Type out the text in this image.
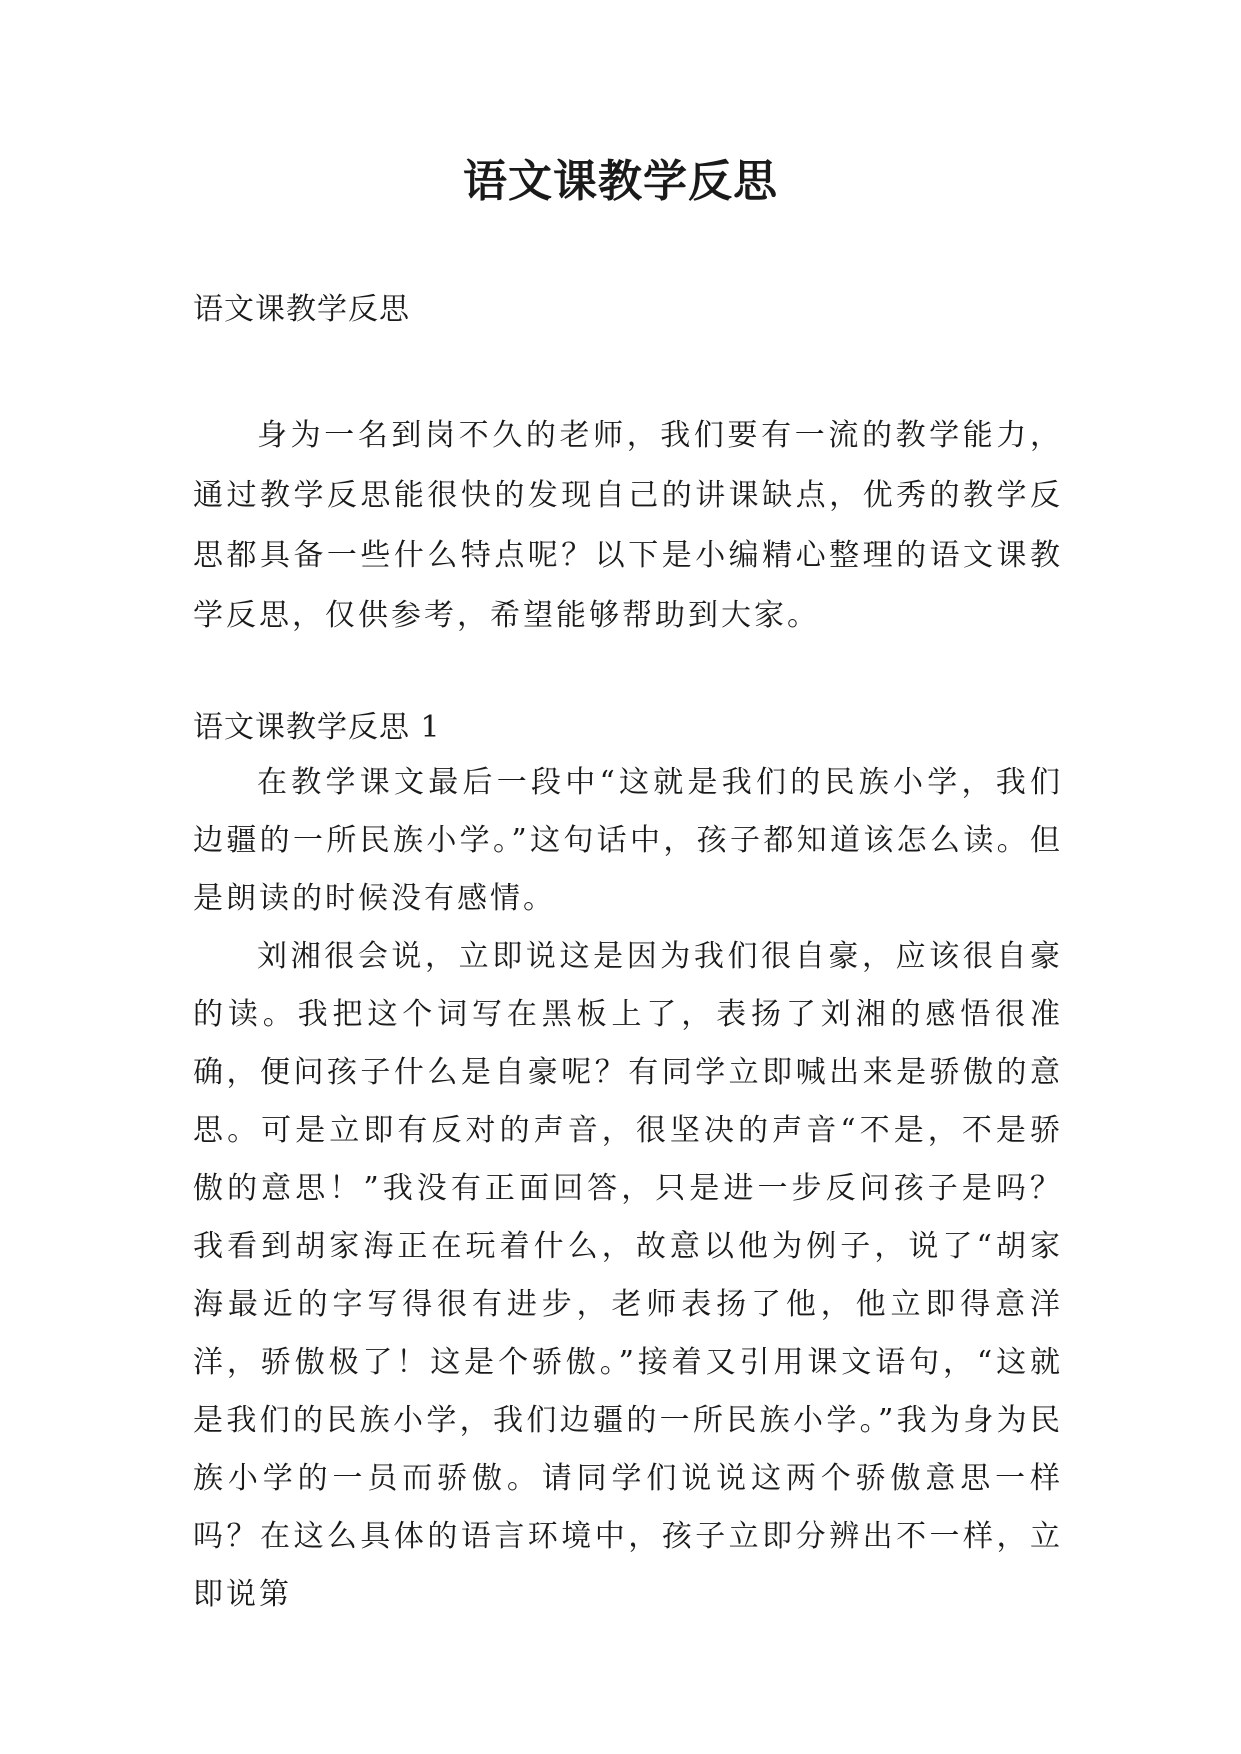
语文课教学反思
语文课教学反思
身为一名到岗不久的老师，我们要有一流的教学能力，通过教学反思能很快的发现自己的讲课缺点，优秀的教学反思都具备一些什么特点呢？以下是小编精心整理的语文课教学反思，仅供参考，希望能够帮助到大家。
语文课教学反思 1

在教学课文最后一段中“这就是我们的民族小学，我们边疆的一所民族小学。”这句话中，孩子都知道该怎么读。但是朗读的时候没有感情。

刘湘很会说，立即说这是因为我们很自豪，应该很自豪的读。我把这个词写在黑板上了，表扬了刘湘的感悟很准确，便问孩子什么是自豪呢？有同学立即喊出来是骄傲的意思。可是立即有反对的声音，很坚决的声音“不是，不是骄傲的意思！”我没有正面回答，只是进一步反问孩子是吗？我看到胡家海正在玩着什么，故意以他为例子，说了“胡家海最近的字写得很有进步，老师表扬了他，他立即得意洋洋，骄傲极了！这是个骄傲。”接着又引用课文语句，“这就是我们的民族小学，我们边疆的一所民族小学。”我为身为民族小学的一员而骄傲。请同学们说说这两个骄傲意思一样吗？在这么具体的语言环境中，孩子立即分辨出不一样，立即说第
